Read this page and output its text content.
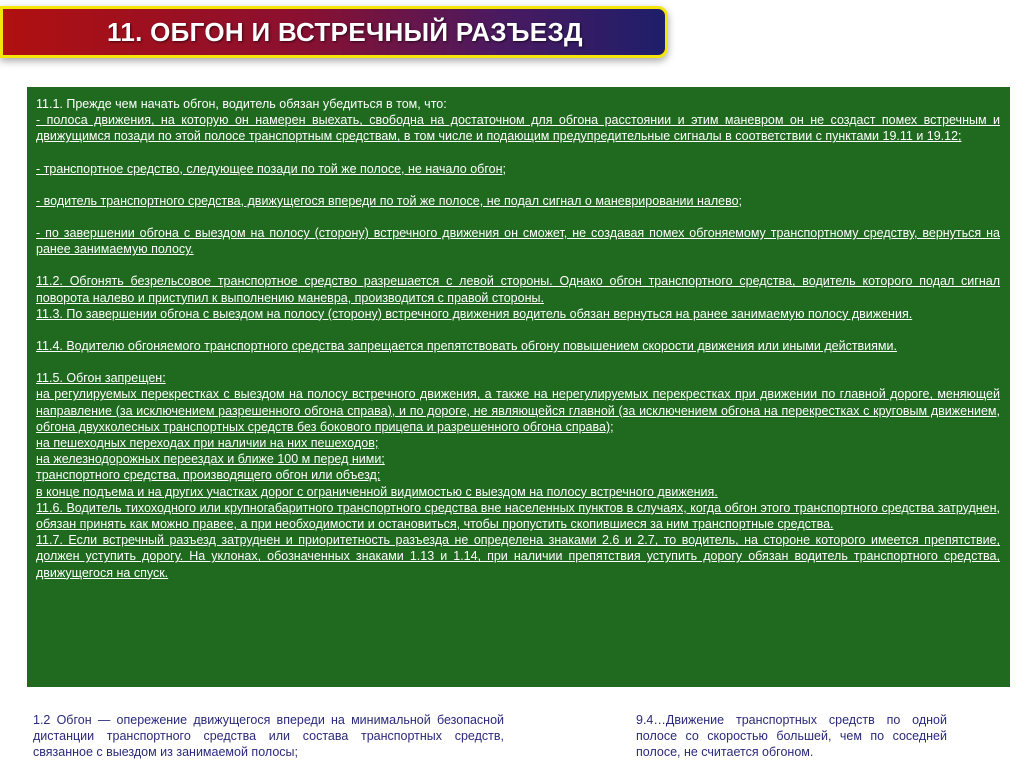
11. ОБГОН И ВСТРЕЧНЫЙ РАЗЪЕЗД

11.1. Прежде чем начать обгон, водитель обязан убедиться в том, что:

- полоса движения, на которую он намерен выехать, свободна на достаточном для обгона расстоянии и этим маневром он не создаст помех встречным и движущимся позади по этой полосе транспортным средствам, в том числе и подающим предупредительные сигналы в соответствии с пунктами 19.11 и 19.12;

- транспортное средство, следующее позади по той же полосе, не начало обгон;

- водитель транспортного средства, движущегося впереди по той же полосе, не подал сигнал о маневрировании налево;

- по завершении обгона с выездом на полосу (сторону) встречного движения он сможет, не создавая помех обгоняемому транспортному средству, вернуться на ранее занимаемую полосу.

11.2. Обгонять безрельсовое транспортное средство разрешается с левой стороны. Однако обгон транспортного средства, водитель которого подал сигнал поворота налево и приступил к выполнению маневра, производится с правой стороны.

11.3. По завершении обгона с выездом на полосу (сторону) встречного движения водитель обязан вернуться на ранее занимаемую полосу движения.

11.4. Водителю обгоняемого транспортного средства запрещается препятствовать обгону повышением скорости движения или иными действиями.

11.5. Обгон запрещен:

на регулируемых перекрестках с выездом на полосу встречного движения, а также на нерегулируемых перекрестках при движении по главной дороге, меняющей направление (за исключением разрешенного обгона справа), и по дороге, не являющейся главной (за исключением обгона на перекрестках с круговым движением, обгона двухколесных транспортных средств без бокового прицепа и разрешенного обгона справа);

на пешеходных переходах при наличии на них пешеходов;

на железнодорожных переездах и ближе 100 м перед ними;

транспортного средства, производящего обгон или объезд;

в конце подъема и на других участках дорог с ограниченной видимостью с выездом на полосу встречного движения.

11.6. Водитель тихоходного или крупногабаритного транспортного средства вне населенных пунктов в случаях, когда обгон этого транспортного средства затруднен, обязан принять как можно правее, а при необходимости и остановиться, чтобы пропустить скопившиеся за ним транспортные средства.

11.7. Если встречный разъезд затруднен и приоритетность разъезда не определена знаками 2.6 и 2.7, то водитель, на стороне которого имеется препятствие, должен уступить дорогу. На уклонах, обозначенных знаками 1.13 и 1.14, при наличии препятствия уступить дорогу обязан водитель транспортного средства, движущегося на спуск.

1.2 Обгон — опережение движущегося впереди на минимальной безопасной дистанции транспортного средства или состава транспортных средств, связанное с выездом из занимаемой полосы;
9.4…Движение транспортных средств по одной полосе со скоростью большей, чем по соседней полосе, не считается обгоном.
